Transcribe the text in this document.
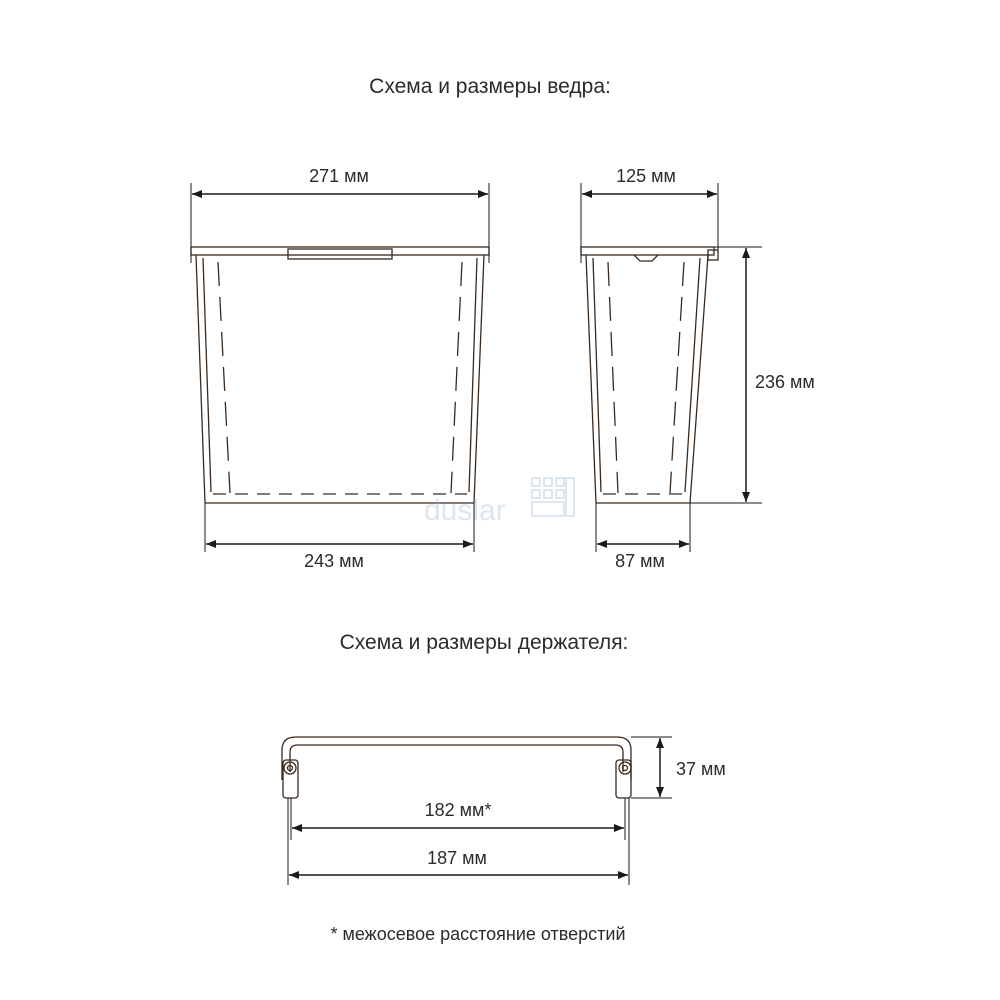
Схема и размеры ведра:
271 мм
243 мм
125 мм
87 мм
236 мм
duslar
Схема и размеры держателя:
37 мм
182 мм*
187 мм
* межосевое расстояние отверстий
